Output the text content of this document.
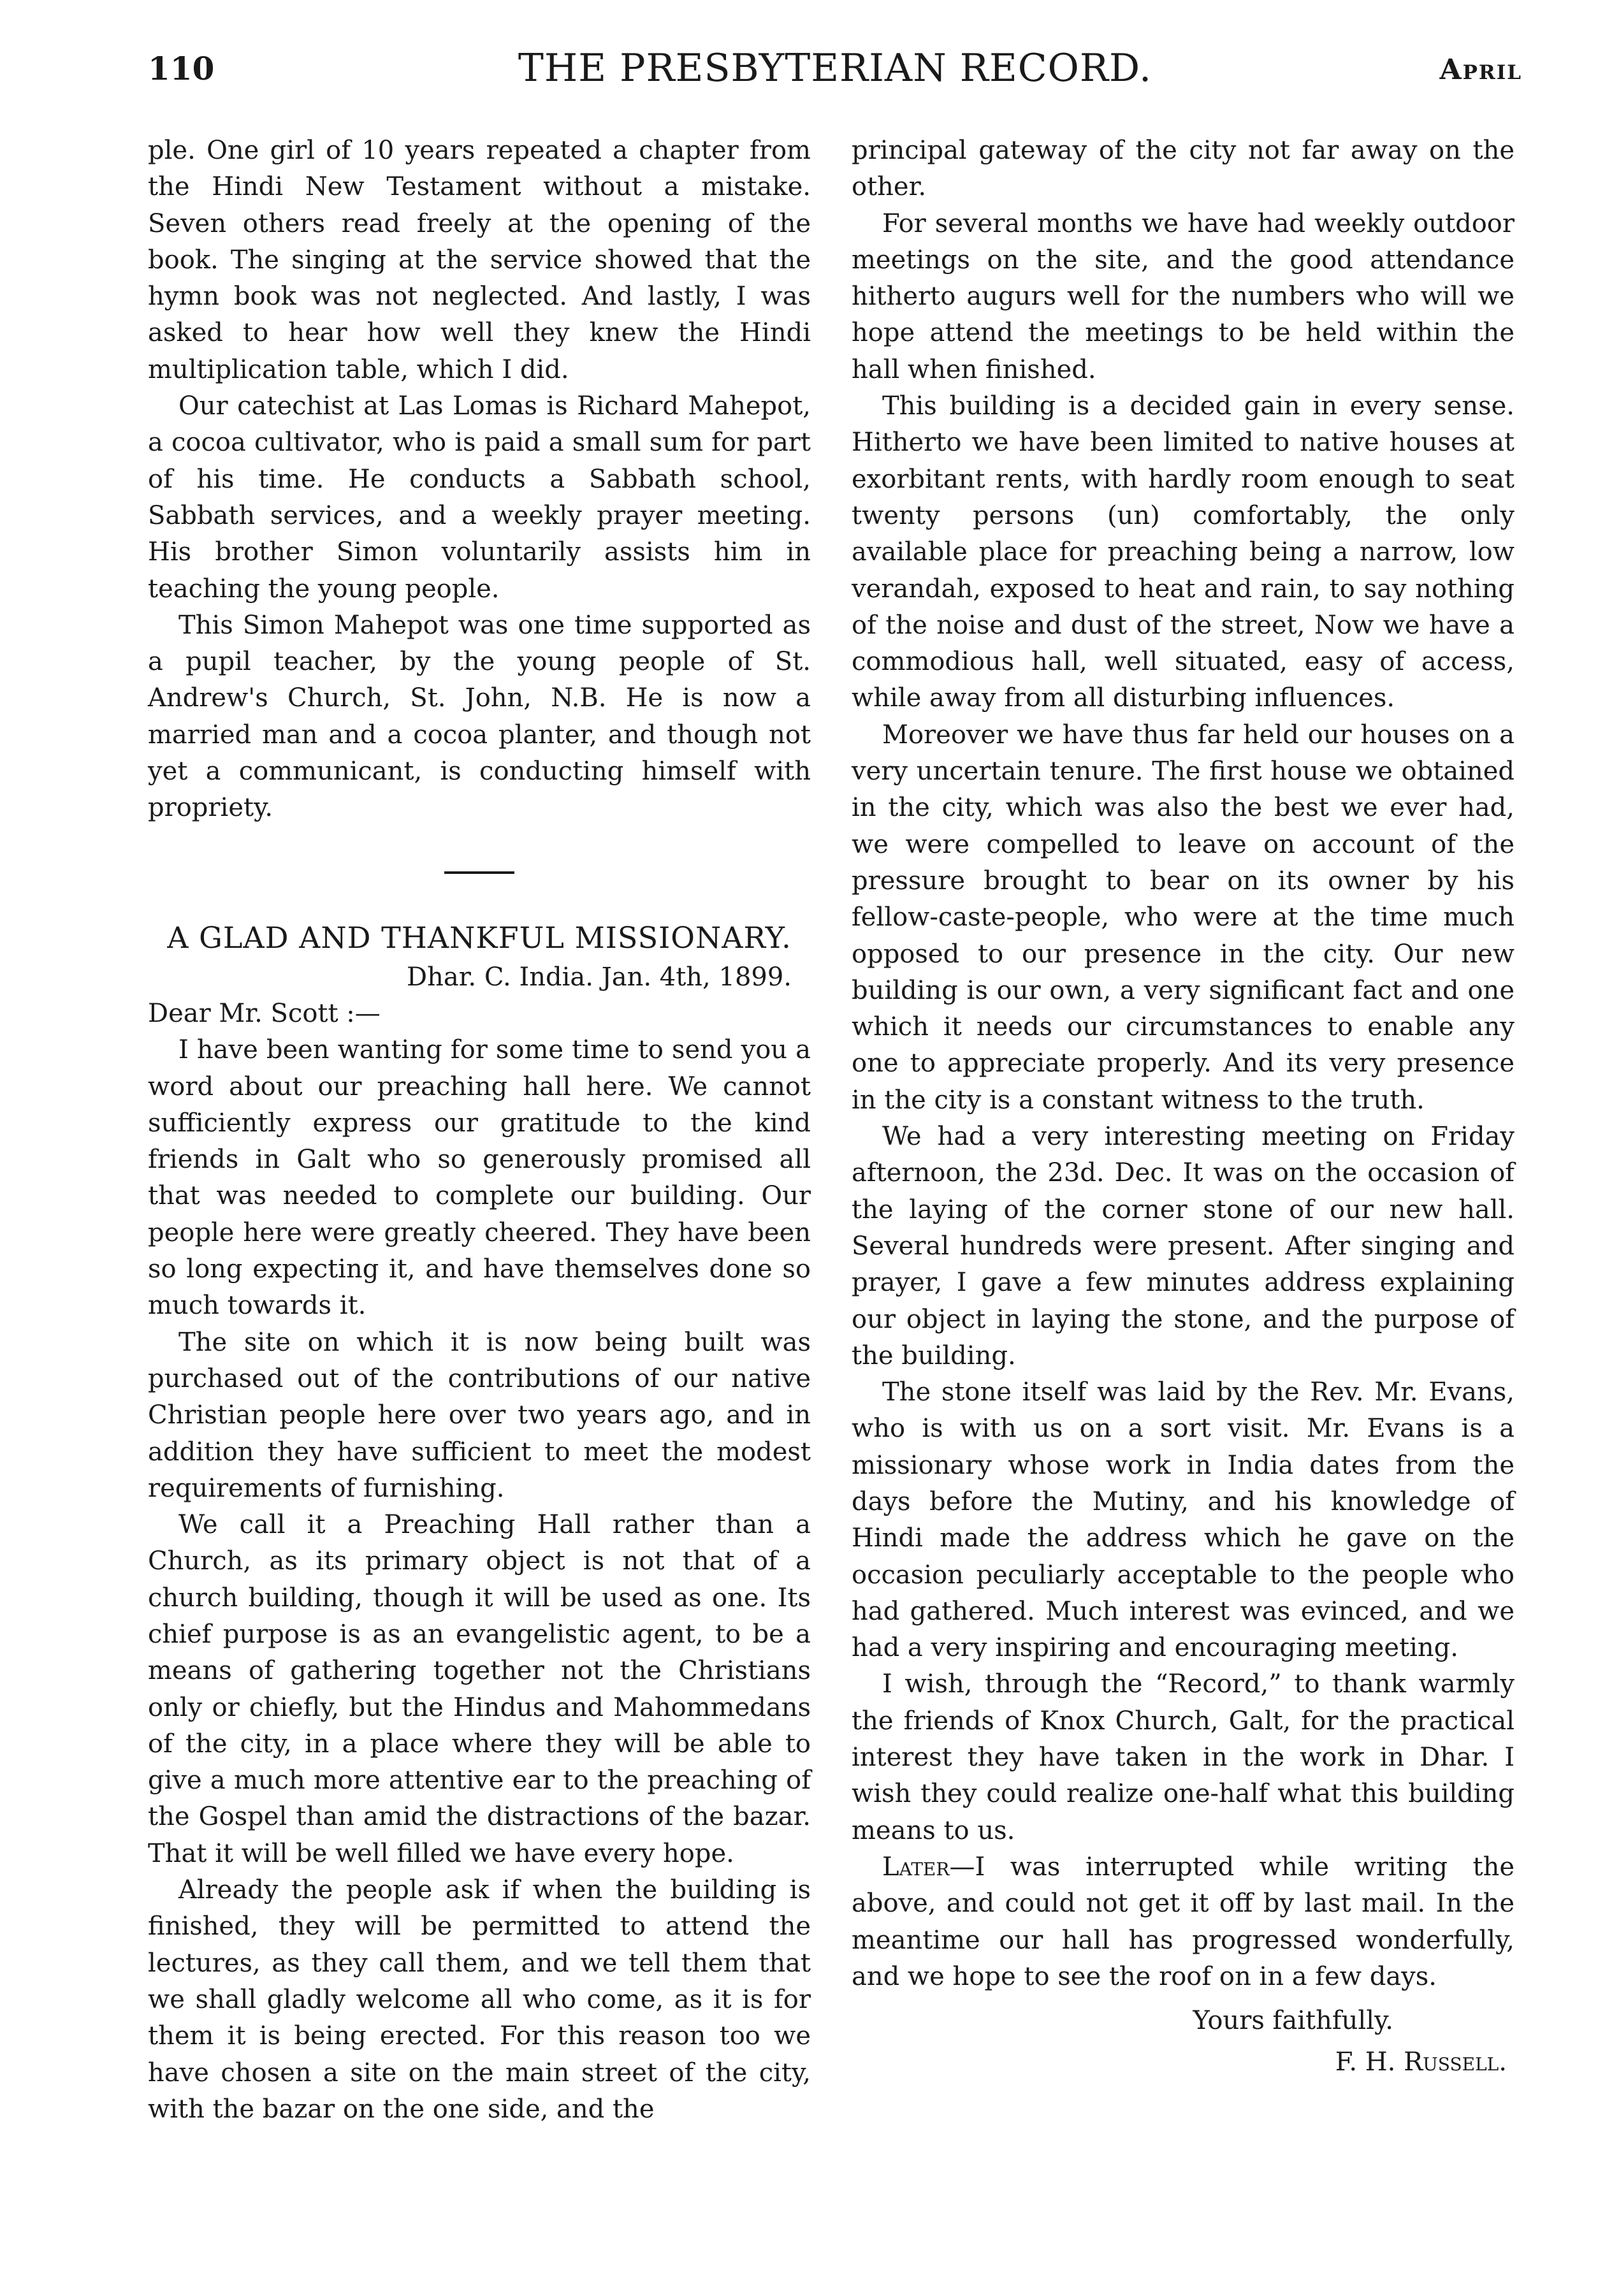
THE PRESBYTERIAN RECORD.
110	April

ple. One girl of 10 years repeated a chapter from the Hindi New Testament without a mistake. Seven others read freely at the opening of the book. The singing at the service showed that the hymn book was not neglected. And lastly, I was asked to hear how well they knew the Hindi multiplication table, which I did.

Our catechist at Las Lomas is Richard Mahepot, a cocoa cultivator, who is paid a small sum for part of his time. He conducts a Sabbath school, Sabbath services, and a weekly prayer meeting. His brother Simon voluntarily assists him in teaching the young people.

This Simon Mahepot was one time supported as a pupil teacher, by the young people of St. Andrew's Church, St. John, N.B. He is now a married man and a cocoa planter, and though not yet a communicant, is conducting himself with propriety.

A GLAD AND THANKFUL MISSIONARY.
Dhar. C. India. Jan. 4th, 1899.
Dear Mr. Scott :—

I have been wanting for some time to send you a word about our preaching hall here. We cannot sufficiently express our gratitude to the kind friends in Galt who so generously promised all that was needed to complete our building. Our people here were greatly cheered. They have been so long expecting it, and have themselves done so much towards it.

The site on which it is now being built was purchased out of the contributions of our native Christian people here over two years ago, and in addition they have sufficient to meet the modest requirements of furnishing.

We call it a Preaching Hall rather than a Church, as its primary object is not that of a church building, though it will be used as one. Its chief purpose is as an evangelistic agent, to be a means of gathering together not the Christians only or chiefly, but the Hindus and Mahommedans of the city, in a place where they will be able to give a much more attentive ear to the preaching of the Gospel than amid the distractions of the bazar. That it will be well filled we have every hope.

Already the people ask if when the building is finished, they will be permitted to attend the lectures, as they call them, and we tell them that we shall gladly welcome all who come, as it is for them it is being erected. For this reason too we have chosen a site on the main street of the city, with the bazar on the one side, and the

principal gateway of the city not far away on the other.

For several months we have had weekly outdoor meetings on the site, and the good attendance hitherto augurs well for the numbers who will we hope attend the meetings to be held within the hall when finished.

This building is a decided gain in every sense. Hitherto we have been limited to native houses at exorbitant rents, with hardly room enough to seat twenty persons (un) comfortably, the only available place for preaching being a narrow, low verandah, exposed to heat and rain, to say nothing of the noise and dust of the street, Now we have a commodious hall, well situated, easy of access, while away from all disturbing influences.

Moreover we have thus far held our houses on a very uncertain tenure. The first house we obtained in the city, which was also the best we ever had, we were compelled to leave on account of the pressure brought to bear on its owner by his fellow-caste-people, who were at the time much opposed to our presence in the city. Our new building is our own, a very significant fact and one which it needs our circumstances to enable any one to appreciate properly. And its very presence in the city is a constant witness to the truth.

We had a very interesting meeting on Friday afternoon, the 23d. Dec. It was on the occasion of the laying of the corner stone of our new hall. Several hundreds were present. After singing and prayer, I gave a few minutes address explaining our object in laying the stone, and the purpose of the building.

The stone itself was laid by the Rev. Mr. Evans, who is with us on a sort visit. Mr. Evans is a missionary whose work in India dates from the days before the Mutiny, and his knowledge of Hindi made the address which he gave on the occasion peculiarly acceptable to the people who had gathered. Much interest was evinced, and we had a very inspiring and encouraging meeting.

I wish, through the “Record,” to thank warmly the friends of Knox Church, Galt, for the practical interest they have taken in the work in Dhar. I wish they could realize one-half what this building means to us.

Later—I was interrupted while writing the above, and could not get it off by last mail. In the meantime our hall has progressed wonderfully, and we hope to see the roof on in a few days.

Yours faithfully.
F. H. Russell.
